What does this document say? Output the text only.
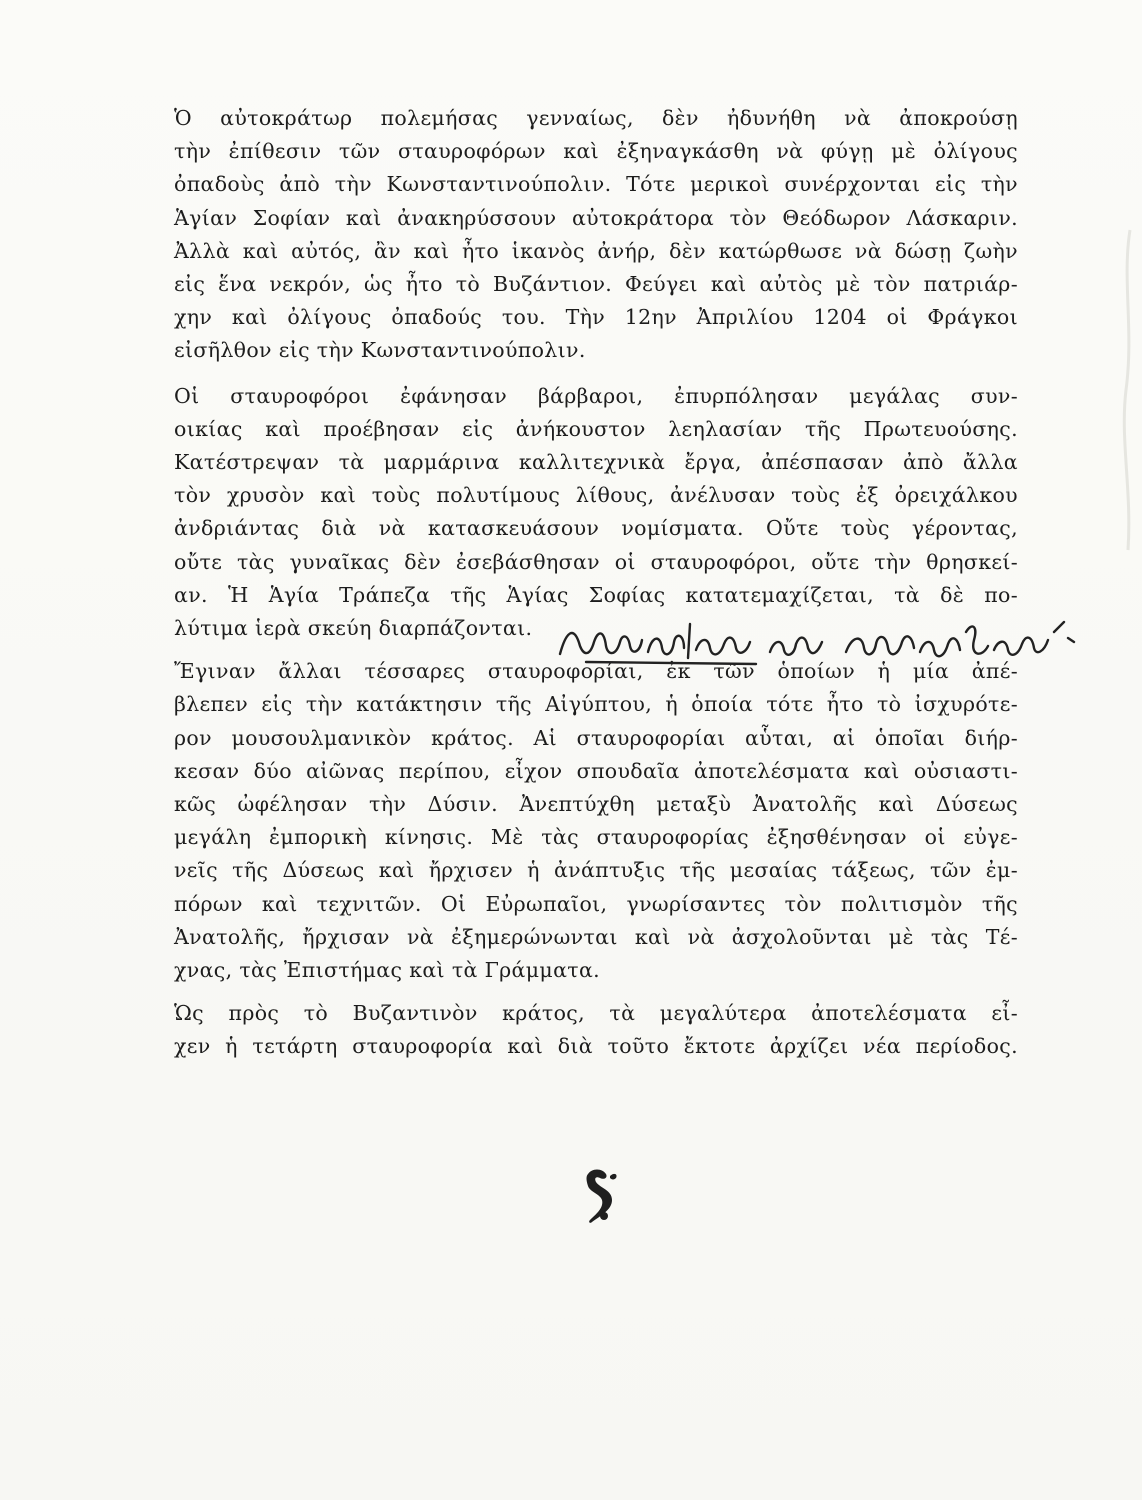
Ὁ αὐτοκράτωρ πολεμήσας γενναίως, δὲν ἠδυνήθη νὰ ἀποκρούσῃ
τὴν ἐπίθεσιν τῶν σταυροφόρων καὶ ἐξηναγκάσθη νὰ φύγῃ μὲ ὀλίγους
ὀπαδοὺς ἀπὸ τὴν Κωνσταντινούπολιν. Τότε μερικοὶ συνέρχονται εἰς τὴν
Ἁγίαν Σοφίαν καὶ ἀνακηρύσσουν αὐτοκράτορα τὸν Θεόδωρον Λάσκαριν.
Ἀλλὰ καὶ αὐτός, ἂν καὶ ἦτο ἱκανὸς ἀνήρ, δὲν κατώρθωσε νὰ δώσῃ ζωὴν
εἰς ἕνα νεκρόν, ὡς ἦτο τὸ Βυζάντιον. Φεύγει καὶ αὐτὸς μὲ τὸν πατριάρ-
χην καὶ ὀλίγους ὀπαδούς του. Τὴν 12ην Ἀπριλίου 1204 οἱ Φράγκοι
εἰσῆλθον εἰς τὴν Κωνσταντινούπολιν.

Οἱ σταυροφόροι ἐφάνησαν βάρβαροι, ἐπυρπόλησαν μεγάλας συν-
οικίας καὶ προέβησαν εἰς ἀνήκουστον λεηλασίαν τῆς Πρωτευούσης.
Κατέστρεψαν τὰ μαρμάρινα καλλιτεχνικὰ ἔργα, ἀπέσπασαν ἀπὸ ἄλλα
τὸν χρυσὸν καὶ τοὺς πολυτίμους λίθους, ἀνέλυσαν τοὺς ἐξ ὀρειχάλκου
ἀνδριάντας διὰ νὰ κατασκευάσουν νομίσματα. Οὔτε τοὺς γέροντας,
οὔτε τὰς γυναῖκας δὲν ἐσεβάσθησαν οἱ σταυροφόροι, οὔτε τὴν θρησκεί-
αν. Ἡ Ἁγία Τράπεζα τῆς Ἁγίας Σοφίας κατατεμαχίζεται, τὰ δὲ πο-
λύτιμα ἱερὰ σκεύη διαρπάζονται.

Ἔγιναν ἄλλαι τέσσαρες σταυροφορίαι, ἐκ τῶν ὁποίων ἡ μία ἀπέ-
βλεπεν εἰς τὴν κατάκτησιν τῆς Αἰγύπτου, ἡ ὁποία τότε ἦτο τὸ ἰσχυρότε-
ρον μουσουλμανικὸν κράτος. Αἱ σταυροφορίαι αὗται, αἱ ὁποῖαι διήρ-
κεσαν δύο αἰῶνας περίπου, εἶχον σπουδαῖα ἀποτελέσματα καὶ οὐσιαστι-
κῶς ὠφέλησαν τὴν Δύσιν. Ἀνεπτύχθη μεταξὺ Ἀνατολῆς καὶ Δύσεως
μεγάλη ἐμπορικὴ κίνησις. Μὲ τὰς σταυροφορίας ἐξησθένησαν οἱ εὐγε-
νεῖς τῆς Δύσεως καὶ ἤρχισεν ἡ ἀνάπτυξις τῆς μεσαίας τάξεως, τῶν ἐμ-
πόρων καὶ τεχνιτῶν. Οἱ Εὐρωπαῖοι, γνωρίσαντες τὸν πολιτισμὸν τῆς
Ἀνατολῆς, ἤρχισαν νὰ ἐξημερώνωνται καὶ νὰ ἀσχολοῦνται μὲ τὰς Τέ-
χνας, τὰς Ἐπιστήμας καὶ τὰ Γράμματα.

Ὡς πρὸς τὸ Βυζαντινὸν κράτος, τὰ μεγαλύτερα ἀποτελέσματα εἶ-
χεν ἡ τετάρτη σταυροφορία καὶ διὰ τοῦτο ἔκτοτε ἀρχίζει νέα περίοδος.
